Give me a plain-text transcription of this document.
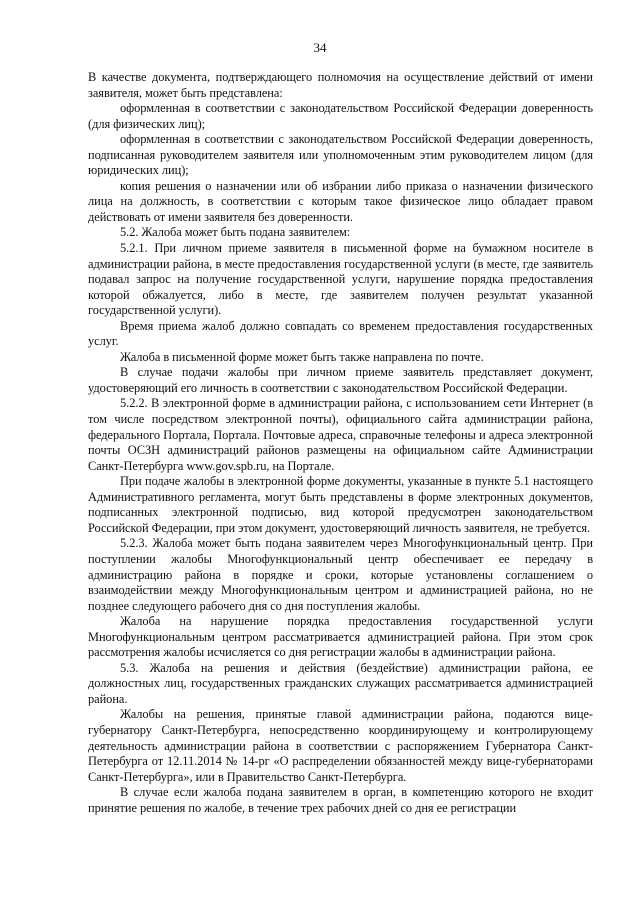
34

В качестве документа, подтверждающего полномочия на осуществление действий от имени заявителя, может быть представлена:

оформленная в соответствии с законодательством Российской Федерации доверенность (для физических лиц);

оформленная в соответствии с законодательством Российской Федерации доверенность, подписанная руководителем заявителя или уполномоченным этим руководителем лицом (для юридических лиц);

копия решения о назначении или об избрании либо приказа о назначении физического лица на должность, в соответствии с которым такое физическое лицо обладает правом действовать от имени заявителя без доверенности.

5.2. Жалоба может быть подана заявителем:

5.2.1. При личном приеме заявителя в письменной форме на бумажном носителе в администрации района, в месте предоставления государственной услуги (в месте, где заявитель подавал запрос на получение государственной услуги, нарушение порядка предоставления которой обжалуется, либо в месте, где заявителем получен результат указанной государственной услуги).

Время приема жалоб должно совпадать со временем предоставления государственных услуг.

Жалоба в письменной форме может быть также направлена по почте.

В случае подачи жалобы при личном приеме заявитель представляет документ, удостоверяющий его личность в соответствии с законодательством Российской Федерации.

5.2.2. В электронной форме в администрации района, с использованием сети Интернет (в том числе посредством электронной почты), официального сайта администрации района, федерального Портала, Портала. Почтовые адреса, справочные телефоны и адреса электронной почты ОСЗН администраций районов размещены на официальном сайте Администрации Санкт-Петербурга www.gov.spb.ru, на Портале.

При подаче жалобы в электронной форме документы, указанные в пункте 5.1 настоящего Административного регламента, могут быть представлены в форме электронных документов, подписанных электронной подписью, вид которой предусмотрен законодательством Российской Федерации, при этом документ, удостоверяющий личность заявителя, не требуется.

5.2.3. Жалоба может быть подана заявителем через Многофункциональный центр. При поступлении жалобы Многофункциональный центр обеспечивает ее передачу в администрацию района в порядке и сроки, которые установлены соглашением о взаимодействии между Многофункциональным центром и администрацией района, но не позднее следующего рабочего дня со дня поступления жалобы.

Жалоба на нарушение порядка предоставления государственной услуги Многофункциональным центром рассматривается администрацией района. При этом срок рассмотрения жалобы исчисляется со дня регистрации жалобы в администрации района.

5.3. Жалоба на решения и действия (бездействие) администрации района, ее должностных лиц, государственных гражданских служащих рассматривается администрацией района.

Жалобы на решения, принятые главой администрации района, подаются вице-губернатору Санкт-Петербурга, непосредственно координирующему и контролирующему деятельность администрации района в соответствии с распоряжением Губернатора Санкт-Петербурга от 12.11.2014 № 14-рг «О распределении обязанностей между вице-губернаторами Санкт-Петербурга», или в Правительство Санкт-Петербурга.

В случае если жалоба подана заявителем в орган, в компетенцию которого не входит принятие решения по жалобе, в течение трех рабочих дней со дня ее регистрации
